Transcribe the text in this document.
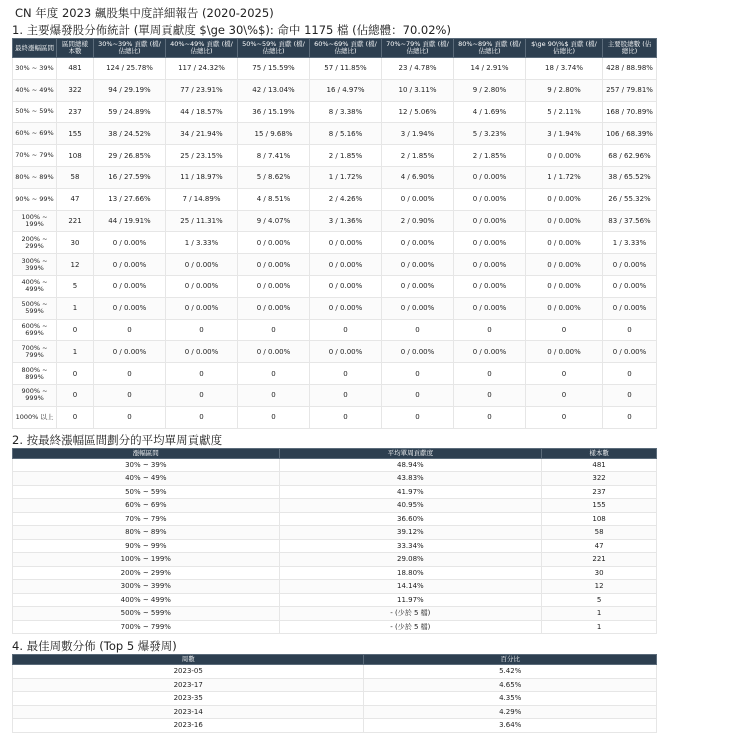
CN 年度 2023 飆股集中度詳細報告 (2020-2025)
1. 主要爆發股分佈統計 (單周貢獻度 $\ge 30\%$): 命中 1175 檔 (佔總體：70.02%)
最終漲幅區間	區間總樣本數	30%~39% 貢獻 (檔/佔總比)	40%~49% 貢獻 (檔/佔總比)	50%~59% 貢獻 (檔/佔總比)	60%~69% 貢獻 (檔/佔總比)	70%~79% 貢獻 (檔/佔總比)	80%~89% 貢獻 (檔/佔總比)	$\ge 90\%$ 貢獻 (檔/佔總比)	主要股總數 (佔總比)
30% ~ 39%	481	124 / 25.78%	117 / 24.32%	75 / 15.59%	57 / 11.85%	23 / 4.78%	14 / 2.91%	18 / 3.74%	428 / 88.98%
40% ~ 49%	322	94 / 29.19%	77 / 23.91%	42 / 13.04%	16 / 4.97%	10 / 3.11%	9 / 2.80%	9 / 2.80%	257 / 79.81%
50% ~ 59%	237	59 / 24.89%	44 / 18.57%	36 / 15.19%	8 / 3.38%	12 / 5.06%	4 / 1.69%	5 / 2.11%	168 / 70.89%
60% ~ 69%	155	38 / 24.52%	34 / 21.94%	15 / 9.68%	8 / 5.16%	3 / 1.94%	5 / 3.23%	3 / 1.94%	106 / 68.39%
70% ~ 79%	108	29 / 26.85%	25 / 23.15%	8 / 7.41%	2 / 1.85%	2 / 1.85%	2 / 1.85%	0 / 0.00%	68 / 62.96%
80% ~ 89%	58	16 / 27.59%	11 / 18.97%	5 / 8.62%	1 / 1.72%	4 / 6.90%	0 / 0.00%	1 / 1.72%	38 / 65.52%
90% ~ 99%	47	13 / 27.66%	7 / 14.89%	4 / 8.51%	2 / 4.26%	0 / 0.00%	0 / 0.00%	0 / 0.00%	26 / 55.32%
100% ~ 199%	221	44 / 19.91%	25 / 11.31%	9 / 4.07%	3 / 1.36%	2 / 0.90%	0 / 0.00%	0 / 0.00%	83 / 37.56%
200% ~ 299%	30	0 / 0.00%	1 / 3.33%	0 / 0.00%	0 / 0.00%	0 / 0.00%	0 / 0.00%	0 / 0.00%	1 / 3.33%
300% ~ 399%	12	0 / 0.00%	0 / 0.00%	0 / 0.00%	0 / 0.00%	0 / 0.00%	0 / 0.00%	0 / 0.00%	0 / 0.00%
400% ~ 499%	5	0 / 0.00%	0 / 0.00%	0 / 0.00%	0 / 0.00%	0 / 0.00%	0 / 0.00%	0 / 0.00%	0 / 0.00%
500% ~ 599%	1	0 / 0.00%	0 / 0.00%	0 / 0.00%	0 / 0.00%	0 / 0.00%	0 / 0.00%	0 / 0.00%	0 / 0.00%
600% ~ 699%	0	0	0	0	0	0	0	0	0
700% ~ 799%	1	0 / 0.00%	0 / 0.00%	0 / 0.00%	0 / 0.00%	0 / 0.00%	0 / 0.00%	0 / 0.00%	0 / 0.00%
800% ~ 899%	0	0	0	0	0	0	0	0	0
900% ~ 999%	0	0	0	0	0	0	0	0	0
1000% 以上	0	0	0	0	0	0	0	0	0
2. 按最終漲幅區間劃分的平均單周貢獻度
漲幅區間	平均單周貢獻度	樣本數
30% ~ 39%	48.94%	481
40% ~ 49%	43.83%	322
50% ~ 59%	41.97%	237
60% ~ 69%	40.95%	155
70% ~ 79%	36.60%	108
80% ~ 89%	39.12%	58
90% ~ 99%	33.34%	47
100% ~ 199%	29.08%	221
200% ~ 299%	18.80%	30
300% ~ 399%	14.14%	12
400% ~ 499%	11.97%	5
500% ~ 599%	- (少於 5 檔)	1
700% ~ 799%	- (少於 5 檔)	1
4. 最佳周數分佈 (Top 5 爆發周)
周數	百分比
2023-05	5.42%
2023-17	4.65%
2023-35	4.35%
2023-14	4.29%
2023-16	3.64%
